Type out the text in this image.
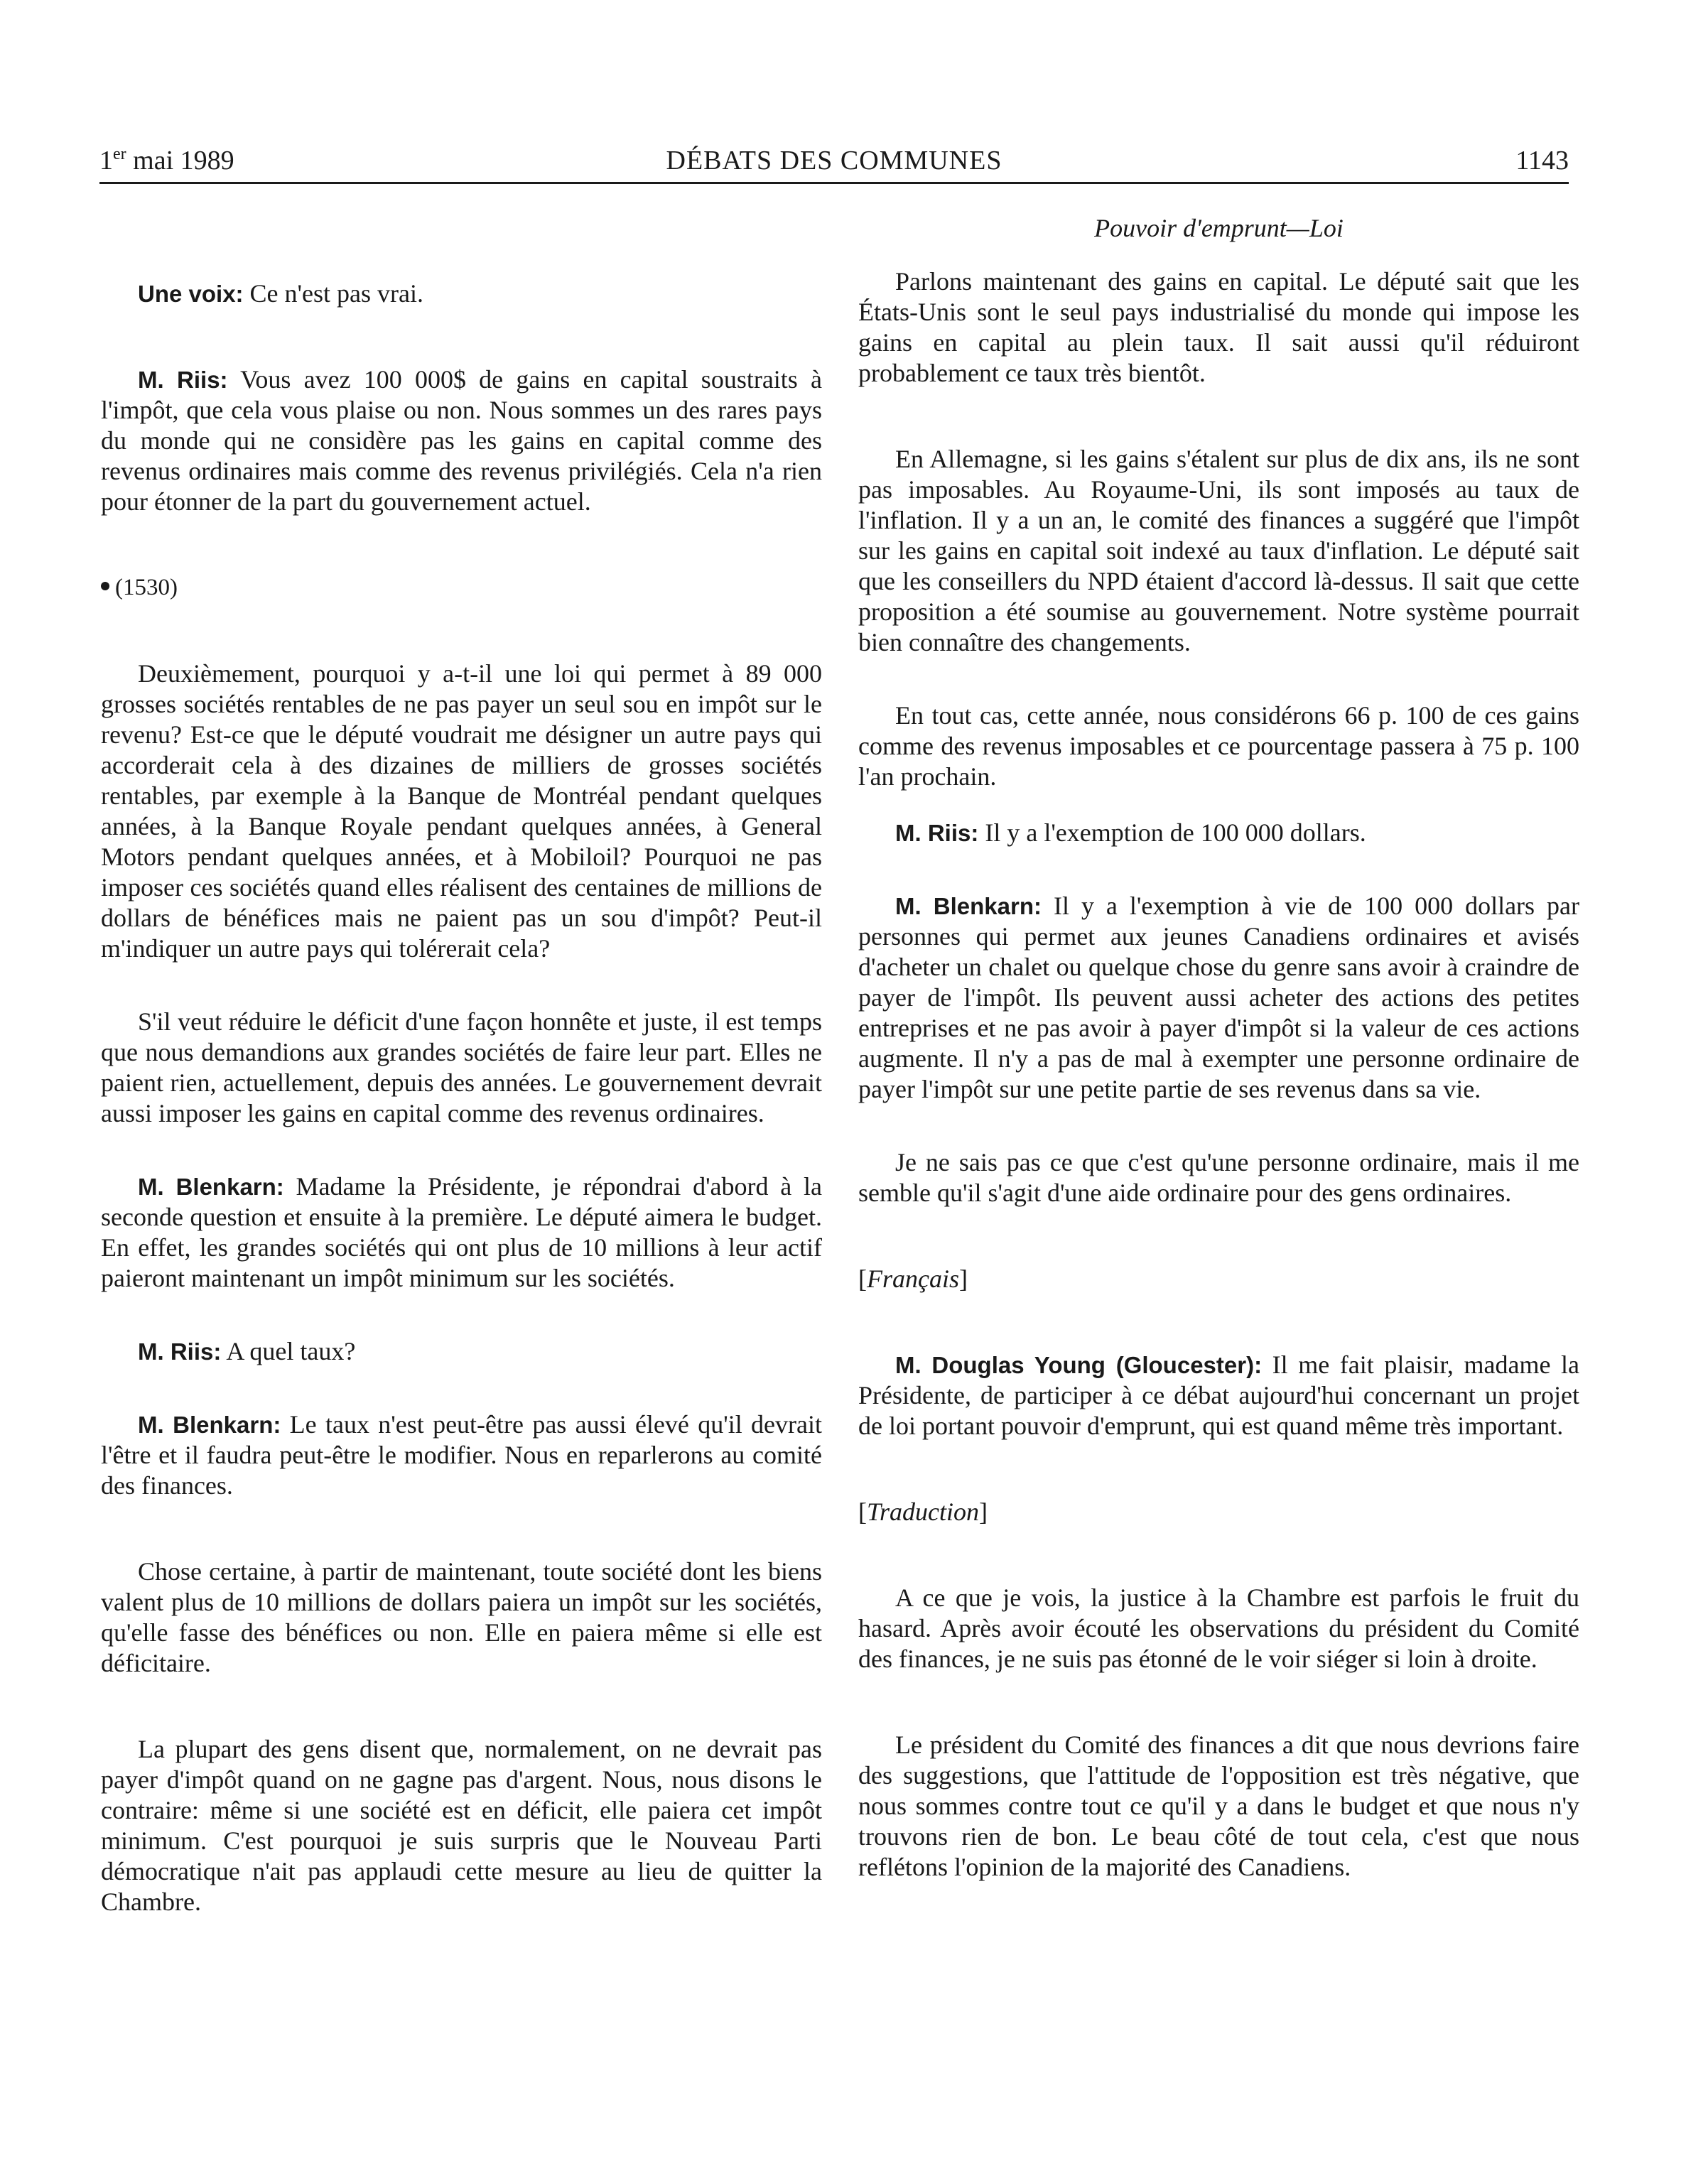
1er mai 1989	DÉBATS DES COMMUNES	1143

Une voix: Ce n'est pas vrai.

M. Riis: Vous avez 100 000$ de gains en capital soustraits à l'impôt, que cela vous plaise ou non. Nous sommes un des rares pays du monde qui ne considère pas les gains en capital comme des revenus ordinaires mais comme des revenus privilégiés. Cela n'a rien pour étonner de la part du gouvernement actuel.

(1530)

Deuxièmement, pourquoi y a-t-il une loi qui permet à 89 000 grosses sociétés rentables de ne pas payer un seul sou en impôt sur le revenu? Est-ce que le député voudrait me désigner un autre pays qui accorderait cela à des dizaines de milliers de grosses sociétés rentables, par exemple à la Banque de Montréal pendant quelques années, à la Banque Royale pendant quelques années, à General Motors pendant quelques années, et à Mobiloil? Pourquoi ne pas imposer ces sociétés quand elles réalisent des centaines de millions de dollars de bénéfices mais ne paient pas un sou d'impôt? Peut-il m'indiquer un autre pays qui tolérerait cela?

S'il veut réduire le déficit d'une façon honnête et juste, il est temps que nous demandions aux grandes sociétés de faire leur part. Elles ne paient rien, actuellement, depuis des années. Le gouvernement devrait aussi imposer les gains en capital comme des revenus ordinaires.

M. Blenkarn: Madame la Présidente, je répondrai d'abord à la seconde question et ensuite à la première. Le député aimera le budget. En effet, les grandes sociétés qui ont plus de 10 millions à leur actif paieront maintenant un impôt minimum sur les sociétés.

M. Riis: A quel taux?

M. Blenkarn: Le taux n'est peut-être pas aussi élevé qu'il devrait l'être et il faudra peut-être le modifier. Nous en reparlerons au comité des finances.

Chose certaine, à partir de maintenant, toute société dont les biens valent plus de 10 millions de dollars paiera un impôt sur les sociétés, qu'elle fasse des bénéfices ou non. Elle en paiera même si elle est déficitaire.

La plupart des gens disent que, normalement, on ne devrait pas payer d'impôt quand on ne gagne pas d'argent. Nous, nous disons le contraire: même si une société est en déficit, elle paiera cet impôt minimum. C'est pourquoi je suis surpris que le Nouveau Parti démocratique n'ait pas applaudi cette mesure au lieu de quitter la Chambre.

Pouvoir d'emprunt—Loi

Parlons maintenant des gains en capital. Le député sait que les États-Unis sont le seul pays industrialisé du monde qui impose les gains en capital au plein taux. Il sait aussi qu'il réduiront probablement ce taux très bientôt.

En Allemagne, si les gains s'étalent sur plus de dix ans, ils ne sont pas imposables. Au Royaume-Uni, ils sont imposés au taux de l'inflation. Il y a un an, le comité des finances a suggéré que l'impôt sur les gains en capital soit indexé au taux d'inflation. Le député sait que les conseillers du NPD étaient d'accord là-dessus. Il sait que cette proposition a été soumise au gouvernement. Notre système pourrait bien connaître des changements.

En tout cas, cette année, nous considérons 66 p. 100 de ces gains comme des revenus imposables et ce pourcentage passera à 75 p. 100 l'an prochain.

M. Riis: Il y a l'exemption de 100 000 dollars.

M. Blenkarn: Il y a l'exemption à vie de 100 000 dollars par personnes qui permet aux jeunes Canadiens ordinaires et avisés d'acheter un chalet ou quelque chose du genre sans avoir à craindre de payer de l'impôt. Ils peuvent aussi acheter des actions des petites entreprises et ne pas avoir à payer d'impôt si la valeur de ces actions augmente. Il n'y a pas de mal à exempter une personne ordinaire de payer l'impôt sur une petite partie de ses revenus dans sa vie.

Je ne sais pas ce que c'est qu'une personne ordinaire, mais il me semble qu'il s'agit d'une aide ordinaire pour des gens ordinaires.

[Français]

M. Douglas Young (Gloucester): Il me fait plaisir, madame la Présidente, de participer à ce débat aujourd'hui concernant un projet de loi portant pouvoir d'emprunt, qui est quand même très important.

[Traduction]

A ce que je vois, la justice à la Chambre est parfois le fruit du hasard. Après avoir écouté les observations du président du Comité des finances, je ne suis pas étonné de le voir siéger si loin à droite.

Le président du Comité des finances a dit que nous devrions faire des suggestions, que l'attitude de l'opposition est très négative, que nous sommes contre tout ce qu'il y a dans le budget et que nous n'y trouvons rien de bon. Le beau côté de tout cela, c'est que nous reflétons l'opinion de la majorité des Canadiens.
